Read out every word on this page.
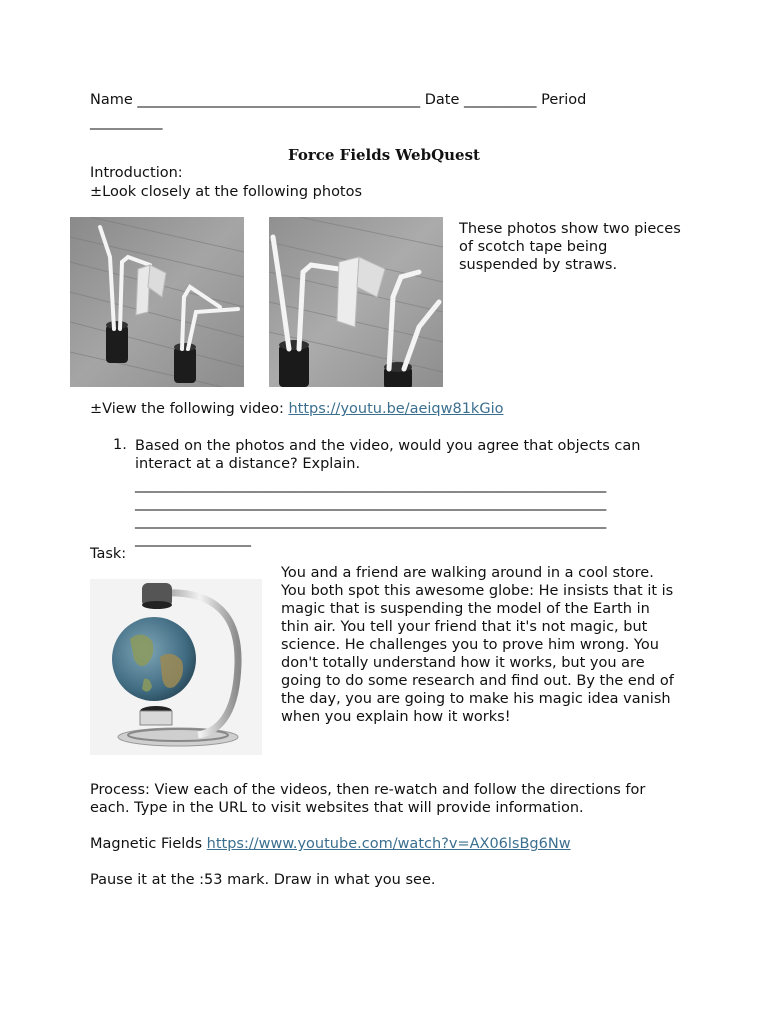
Name _______________________________________ Date __________ Period
__________
Force Fields WebQuest
Introduction:
±Look closely at the following photos
These photos show two pieces of scotch tape being suspended by straws.
±View the following video: https://youtu.be/aeiqw81kGio
1. Based on the photos and the video, would you agree that objects can interact at a distance? Explain.
_________________________________________________________________
_________________________________________________________________
_________________________________________________________________
________________
Task:
You and a friend are walking around in a cool store. You both spot this awesome globe: He insists that it is magic that is suspending the model of the Earth in thin air. You tell your friend that it's not magic, but science. He challenges you to prove him wrong. You don't totally understand how it works, but you are going to do some research and find out. By the end of the day, you are going to make his magic idea vanish when you explain how it works!
Process: View each of the videos, then re-watch and follow the directions for each. Type in the URL to visit websites that will provide information.
Magnetic Fields https://www.youtube.com/watch?v=AX06lsBg6Nw
Pause it at the :53 mark. Draw in what you see.
